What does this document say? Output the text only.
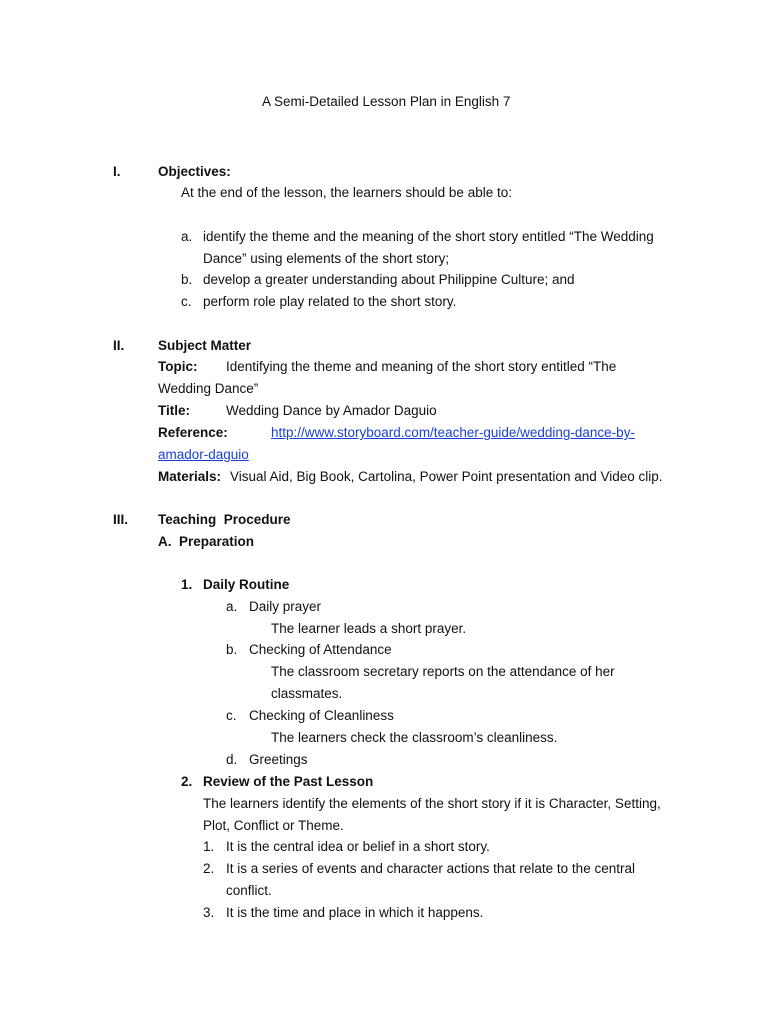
A Semi-Detailed Lesson Plan in English 7
I.	Objectives:
At the end of the lesson, the learners should be able to:
a. identify the theme and the meaning of the short story entitled “The Wedding
Dance” using elements of the short story;
b. develop a greater understanding about Philippine Culture; and
c. perform role play related to the short story.
II. Subject Matter
Topic: Identifying the theme and meaning of the short story entitled “The
Wedding Dance”
Title:	Wedding Dance by Amador Daguio
Reference:	http://www.storyboard.com/teacher-guide/wedding-dance-by-
amador-daguio
Materials: Visual Aid, Big Book, Cartolina, Power Point presentation and Video clip.
III. Teaching  Procedure
A.  Preparation
1. Daily Routine
a. Daily prayer
The learner leads a short prayer.
b. Checking of Attendance
The classroom secretary reports on the attendance of her
classmates.
c. Checking of Cleanliness
The learners check the classroom’s cleanliness.
d. Greetings
2. Review of the Past Lesson
The learners identify the elements of the short story if it is Character, Setting,
Plot, Conflict or Theme.
1. It is the central idea or belief in a short story.
2. It is a series of events and character actions that relate to the central
conflict.
3. It is the time and place in which it happens.
